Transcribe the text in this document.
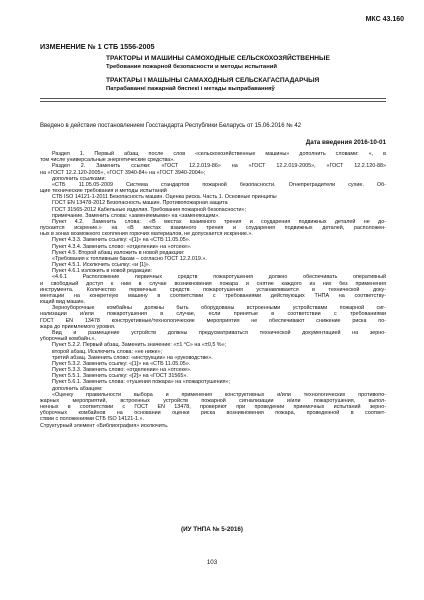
МКС 43.160
ИЗМЕНЕНИЕ № 1 СТБ 1556-2005
ТРАКТОРЫ И МАШИНЫ САМОХОДНЫЕ СЕЛЬСКОХОЗЯЙСТВЕННЫЕ
Требования пожарной безопасности и методы испытаний
ТРАКТАРЫ I МАШЫНЫ САМАХОДНЫЯ СЕЛЬСКАГАСПАДАРЧЫЯ
Патрабаванні пажарнай бяспекі і метады выпрабаванняў
Введено в действие постановлением Госстандарта Республики Беларусь от 15.06.2016 № 42
Дата введения 2016-10-01
Раздел 1. Первый абзац после слов «сельскохозяйственные машины» дополнить словами: «, в
том числе универсальные энергетические средства».
Раздел 2. Заменить ссылки: «ГОСТ 12.2.019-86» на «ГОСТ 12.2.019-2005», «ГОСТ 12.2.120-88»
на «ГОСТ 12.2.120-2005», «ГОСТ 3940-84» на «ГОСТ 3940-2004»;
дополнить ссылками:
«СТБ 11.05.05-2009 Система стандартов пожарной безопасности. Огнепреградители сухие. Об-
щие технические требования и методы испытаний
СТБ ISO 14121-1-2011 Безопасность машин. Оценка риска. Часть 1. Основные принципы
ГОСТ EN 13478-2012 Безопасность машин. Противопожарная защита
ГОСТ 31565-2012 Кабельные изделия. Требования пожарной безопасности»;
примечание. Заменить слова: «заменяемыми» на «заменяющим».
Пункт 4.2. Заменить слова: «В местах взаимного трения и соударения подвижных деталей не до-
пускается искрение.» на «В местах взаимного трения и соударения подвижных деталей, расположен-
ных в зонах возможного скопления горючих материалов, не допускается искрение.».
Пункт 4.3.3. Заменить ссылку: «[1]» на «СТБ 11.05.05».
Пункт 4.3.4. Заменить слово: «отделении» на «отсеке».
Пункт 4.5. Второй абзац изложить в новой редакции:
«Требования к топливным бакам – согласно ГОСТ 12.2.019.».
Пункт 4.5.1. Исключить ссылку: «и [1]».
Пункт 4.6.1 изложить в новой редакции:
«4.6.1 Расположение первичных средств пожаротушения должно обеспечивать оперативный
и свободный доступ к ним в случае возникновения пожара и снятие каждого из них без применения
инструмента. Количество первичных средств пожаротушения устанавливается в технической доку-
ментации на конкретную машину в соответствии с требованиями действующих ТНПА на соответству-
ющий вид машин.
Зерноуборочные комбайны должны быть оборудованы встроенными устройствами пожарной сиг-
нализации и/или пожаротушения в случае, если принятые в соответствии с требованиями
ГОСТ EN 13478 конструктивные/технологические мероприятия не обеспечивают снижение риска по-
жара до приемлемого уровня.
Вид и размещение устройств должны предусматриваться технической документацией на зерно-
уборочный комбайн.».
Пункт 5.2.2. Первый абзац. Заменить значение: «±1 °С» на «±0,5 %»;
второй абзац. Исключить слова: «не ниже»;
третий абзац. Заменить слово: «инструкции» на «руководстве».
Пункт 5.3.2. Заменить ссылку: «[1]» на «СТБ 11.05.05».
Пункт 5.3.3. Заменить слово: «отделении» на «отсеке».
Пункт 5.5.1. Заменить ссылку: «[2]» на «ГОСТ 31565».
Пункт 5.6.1. Заменить слова: «тушения пожара» на «пожаротушения»;
дополнить абзацем:
«Оценку правильности выбора и применения конструктивных и/или технологических противопо-
жарных мероприятий, встроенных устройств пожарной сигнализации и/или пожаротушения, выпол-
ненных в соответствии с ГОСТ EN 13478, проверяют при проведении приемочных испытаний зерно-
уборочных комбайнов на основании оценки риска возникновения пожара, проведенной в соответ-
ствии с положениями СТБ ISO 14121-1.».
Структурный элемент «Библиография» исключить.
(ИУ ТНПА № 5-2016)
103
